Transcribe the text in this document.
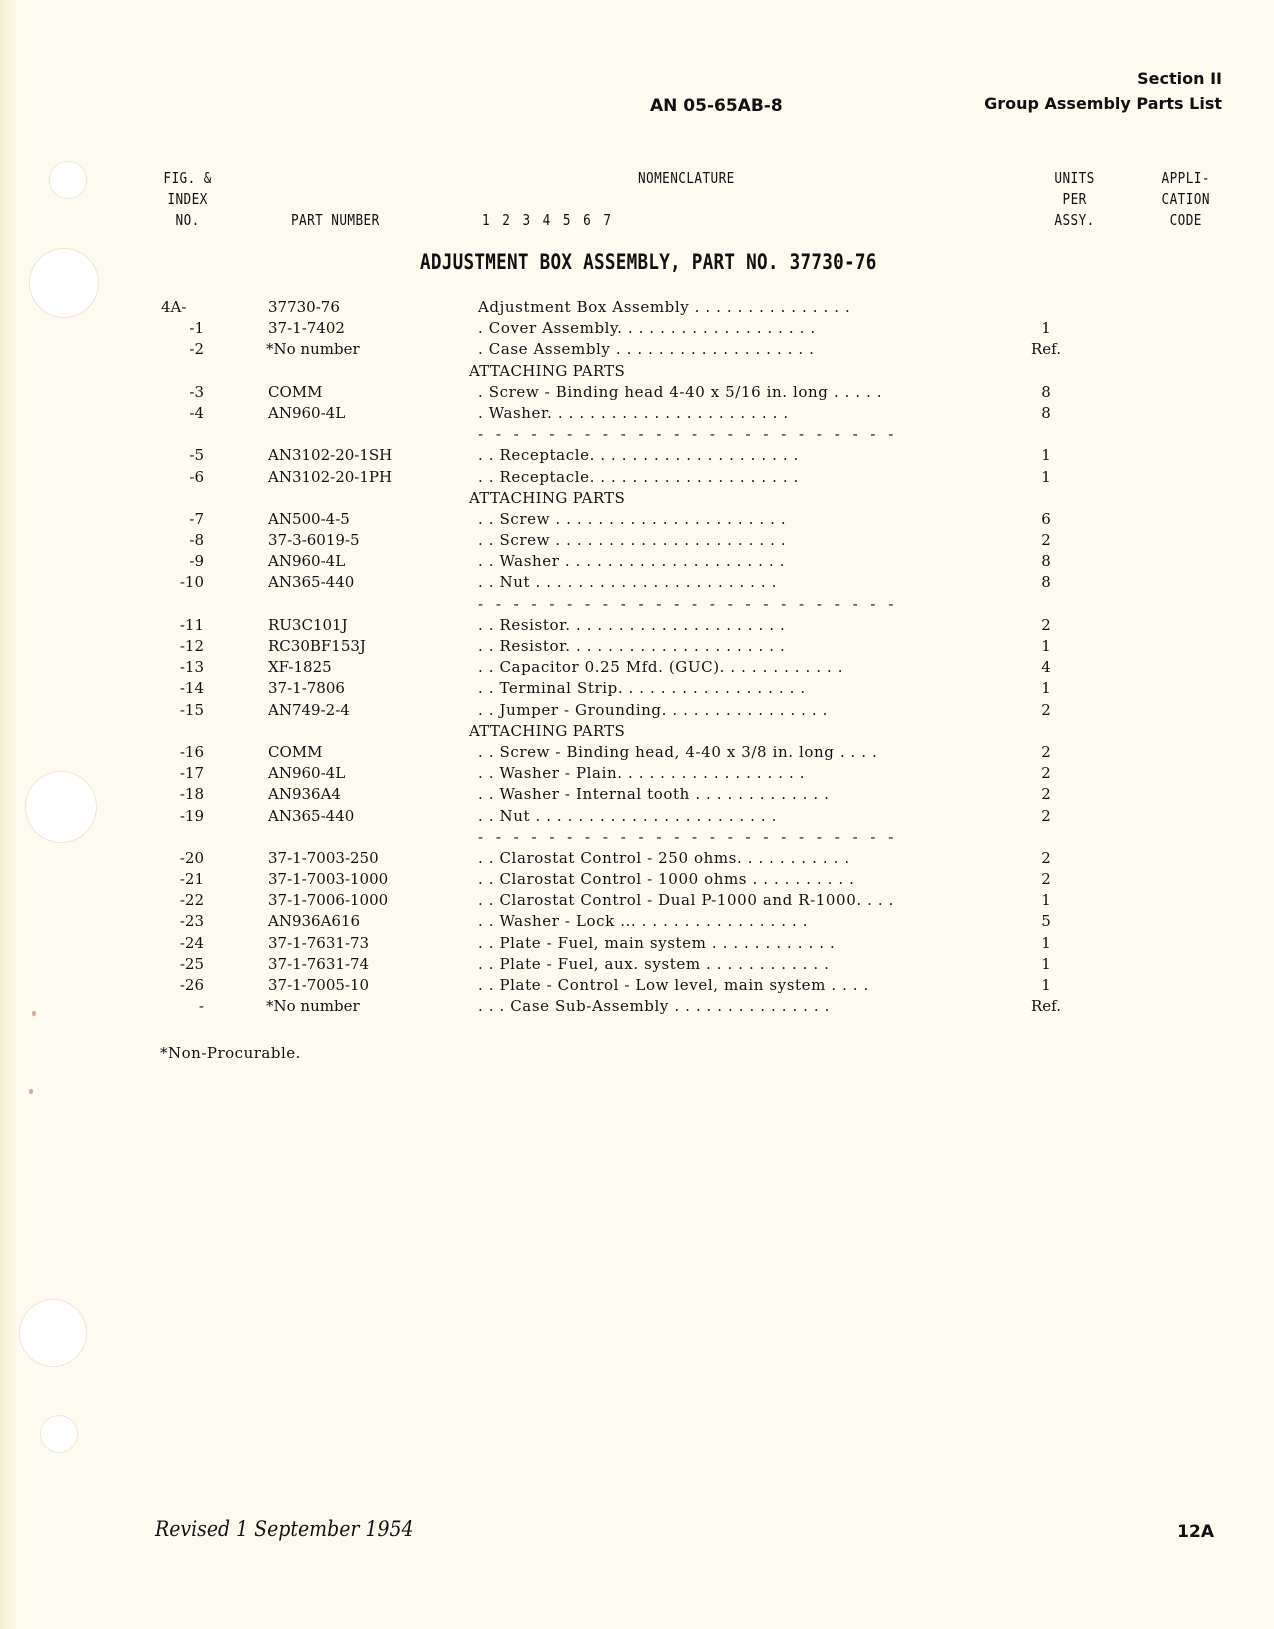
Section II
Group Assembly Parts List
AN 05-65AB-8
FIG. &
INDEX
NO.	PART NUMBER
NOMENCLATURE
1 2 3 4 5 6 7
UNITS
PER
ASSY.
APPLI-
CATION
CODE
ADJUSTMENT BOX ASSEMBLY, PART NO. 37730-76
4A-	37730-76	Adjustment Box Assembly . . . . . . . . . . . . . . .
-1	37-1-7402	. Cover Assembly. . . . . . . . . . . . . . . . . . .	1
-2	*No number	. Case Assembly . . . . . . . . . . . . . . . . . . .	Ref.
ATTACHING PARTS
-3	COMM	. Screw - Binding head 4-40 x 5/16 in. long . . . . .	8
-4	AN960-4L	. Washer. . . . . . . . . . . . . . . . . . . . . . .	8
- - - - - - - - - - - - - - - - - - - - - - - -
-5	AN3102-20-1SH	. . Receptacle. . . . . . . . . . . . . . . . . . . .	1
-6	AN3102-20-1PH	. . Receptacle. . . . . . . . . . . . . . . . . . . .	1
ATTACHING PARTS
-7	AN500-4-5	. . Screw . . . . . . . . . . . . . . . . . . . . . .	6
-8	37-3-6019-5	. . Screw . . . . . . . . . . . . . . . . . . . . . .	2
-9	AN960-4L	. . Washer . . . . . . . . . . . . . . . . . . . . .	8
-10	AN365-440	. . Nut . . . . . . . . . . . . . . . . . . . . . . .	8
- - - - - - - - - - - - - - - - - - - - - - - -
-11	RU3C101J	. . Resistor. . . . . . . . . . . . . . . . . . . . .	2
-12	RC30BF153J	. . Resistor. . . . . . . . . . . . . . . . . . . . .	1
-13	XF-1825	. . Capacitor 0.25 Mfd. (GUC). . . . . . . . . . . .	4
-14	37-1-7806	. . Terminal Strip. . . . . . . . . . . . . . . . . .	1
-15	AN749-2-4	. . Jumper - Grounding. . . . . . . . . . . . . . . .	2
ATTACHING PARTS
-16	COMM	. . Screw - Binding head, 4-40 x 3/8 in. long . . . .	2
-17	AN960-4L	. . Washer - Plain. . . . . . . . . . . . . . . . . .	2
-18	AN936A4	. . Washer - Internal tooth . . . . . . . . . . . . .	2
-19	AN365-440	. . Nut . . . . . . . . . . . . . . . . . . . . . . .	2
- - - - - - - - - - - - - - - - - - - - - - - -
-20	37-1-7003-250	. . Clarostat Control - 250 ohms. . . . . . . . . . .	2
-21	37-1-7003-1000	. . Clarostat Control - 1000 ohms . . . . . . . . . .	2
-22	37-1-7006-1000	. . Clarostat Control - Dual P-1000 and R-1000. . . .	1
-23	AN936A616	. . Washer - Lock ... . . . . . . . . . . . . . . . .	5
-24	37-1-7631-73	. . Plate - Fuel, main system . . . . . . . . . . . .	1
-25	37-1-7631-74	. . Plate - Fuel, aux. system . . . . . . . . . . . .	1
-26	37-1-7005-10	. . Plate - Control - Low level, main system . . . .	1
-	*No number	. . . Case Sub-Assembly . . . . . . . . . . . . . . .	Ref.
*Non-Procurable.
Revised 1 September 1954	12A
